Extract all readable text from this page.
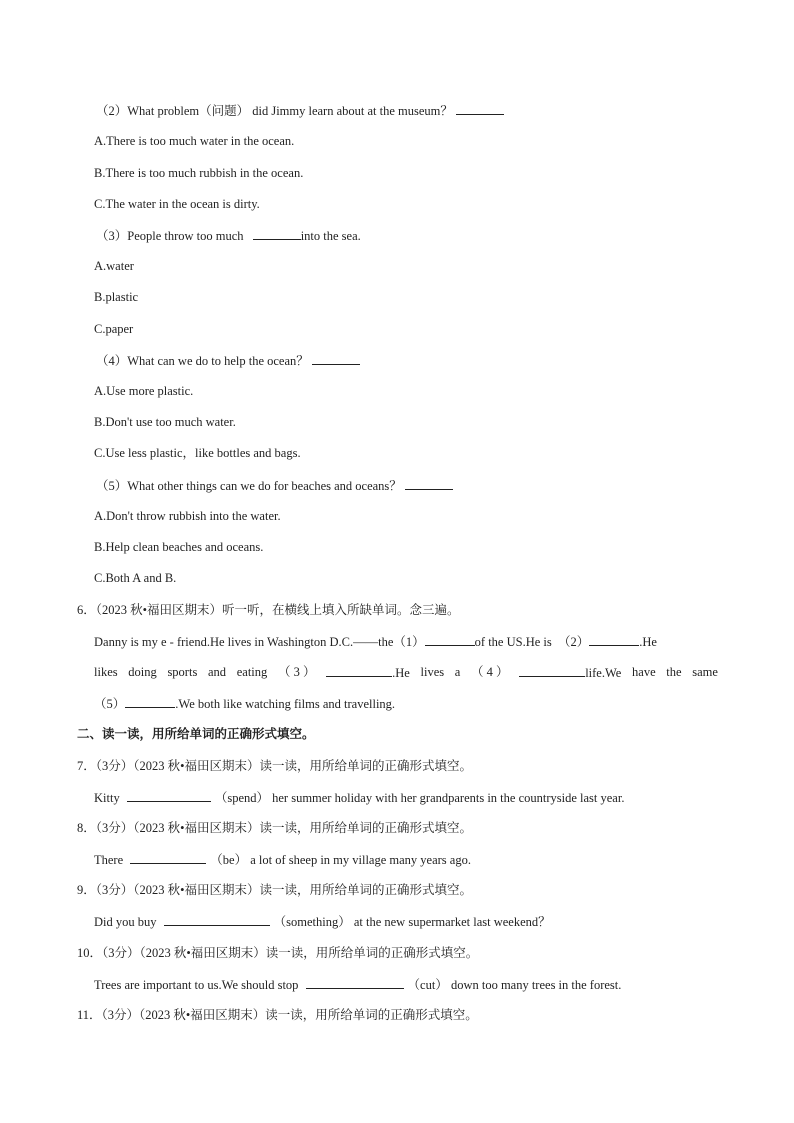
（2）What problem（问题） did Jimmy learn about at the museum？
A.There is too much water in the ocean.
B.There is too much rubbish in the ocean.
C.The water in the ocean is dirty.
（3）People throw too much	into the sea.
A.water
B.plastic
C.paper
（4）What can we do to help the ocean？
A.Use more plastic.
B.Don't use too much water.
C.Use less plastic，like bottles and bags.
（5）What other things can we do for beaches and oceans？
A.Don't throw rubbish into the water.
B.Help clean beaches and oceans.
C.Both A and B.
6．（2023 秋•福田区期末）听一听，在横线上填入所缺单词。念三遍。
Danny is my e - friend.He lives in Washington D.C.——the（1）	of the US.He is （2）	.He
likes doing sports and eating （ 3 ）	.He lives a （ 4 ）	life.We have the same
（5）	.We both like watching films and travelling.
二、读一读，用所给单词的正确形式填空。
7．（3分）（2023 秋•福田区期末）读一读，用所给单词的正确形式填空。
Kitty	（spend） her summer holiday with her grandparents in the countryside last year.
8．（3分）（2023 秋•福田区期末）读一读，用所给单词的正确形式填空。
There	（be） a lot of sheep in my village many years ago.
9．（3分）（2023 秋•福田区期末）读一读，用所给单词的正确形式填空。
Did you buy	（something） at the new supermarket last weekend？
10．（3分）（2023 秋•福田区期末）读一读，用所给单词的正确形式填空。
Trees are important to us.We should stop	（cut） down too many trees in the forest.
11．（3分）（2023 秋•福田区期末）读一读，用所给单词的正确形式填空。
